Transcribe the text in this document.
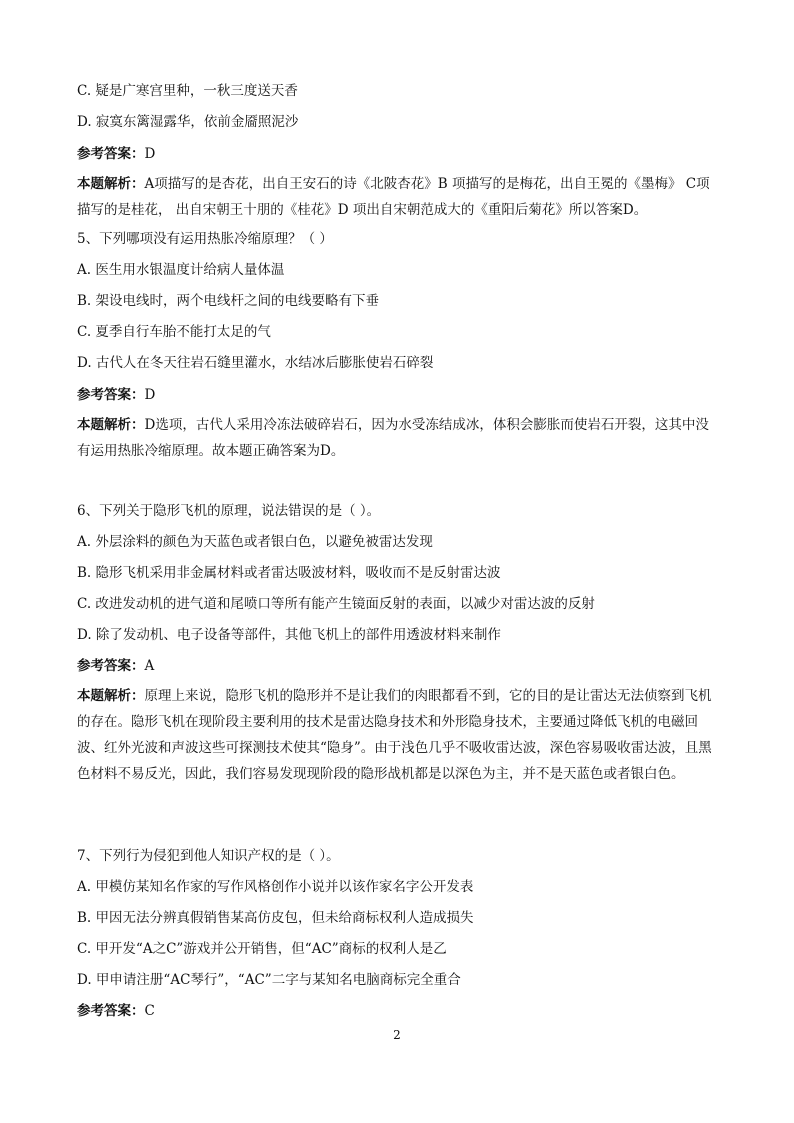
C. 疑是广寒宫里种，一秋三度送天香
D. 寂寞东篱湿露华，依前金靥照泥沙
参考答案：D
本题解析：A项描写的是杏花，出自王安石的诗《北陂杏花》B 项描写的是梅花，出自王冕的《墨梅》 C项描写的是桂花， 出自宋朝王十朋的《桂花》D 项出自宋朝范成大的《重阳后菊花》所以答案D。
5、下列哪项没有运用热胀冷缩原理？（ ）
A. 医生用水银温度计给病人量体温
B. 架设电线时，两个电线杆之间的电线要略有下垂
C. 夏季自行车胎不能打太足的气
D. 古代人在冬天往岩石缝里灌水，水结冰后膨胀使岩石碎裂
参考答案：D
本题解析：D选项，古代人采用冷冻法破碎岩石，因为水受冻结成冰，体积会膨胀而使岩石开裂，这其中没有运用热胀冷缩原理。故本题正确答案为D。
6、下列关于隐形飞机的原理，说法错误的是（ ）。
A. 外层涂料的颜色为天蓝色或者银白色，以避免被雷达发现
B. 隐形飞机采用非金属材料或者雷达吸波材料，吸收而不是反射雷达波
C. 改进发动机的进气道和尾喷口等所有能产生镜面反射的表面，以减少对雷达波的反射
D. 除了发动机、电子设备等部件，其他飞机上的部件用透波材料来制作
参考答案：A
本题解析：原理上来说，隐形飞机的隐形并不是让我们的肉眼都看不到，它的目的是让雷达无法侦察到飞机的存在。隐形飞机在现阶段主要利用的技术是雷达隐身技术和外形隐身技术，主要通过降低飞机的电磁回波、红外光波和声波这些可探测技术使其“隐身”。由于浅色几乎不吸收雷达波，深色容易吸收雷达波，且黑色材料不易反光，因此，我们容易发现现阶段的隐形战机都是以深色为主，并不是天蓝色或者银白色。
7、下列行为侵犯到他人知识产权的是（ ）。
A. 甲模仿某知名作家的写作风格创作小说并以该作家名字公开发表
B. 甲因无法分辨真假销售某高仿皮包，但未给商标权利人造成损失
C. 甲开发“A之C”游戏并公开销售，但“AC”商标的权利人是乙
D. 甲申请注册“AC琴行”，“AC”二字与某知名电脑商标完全重合
参考答案：C
2
